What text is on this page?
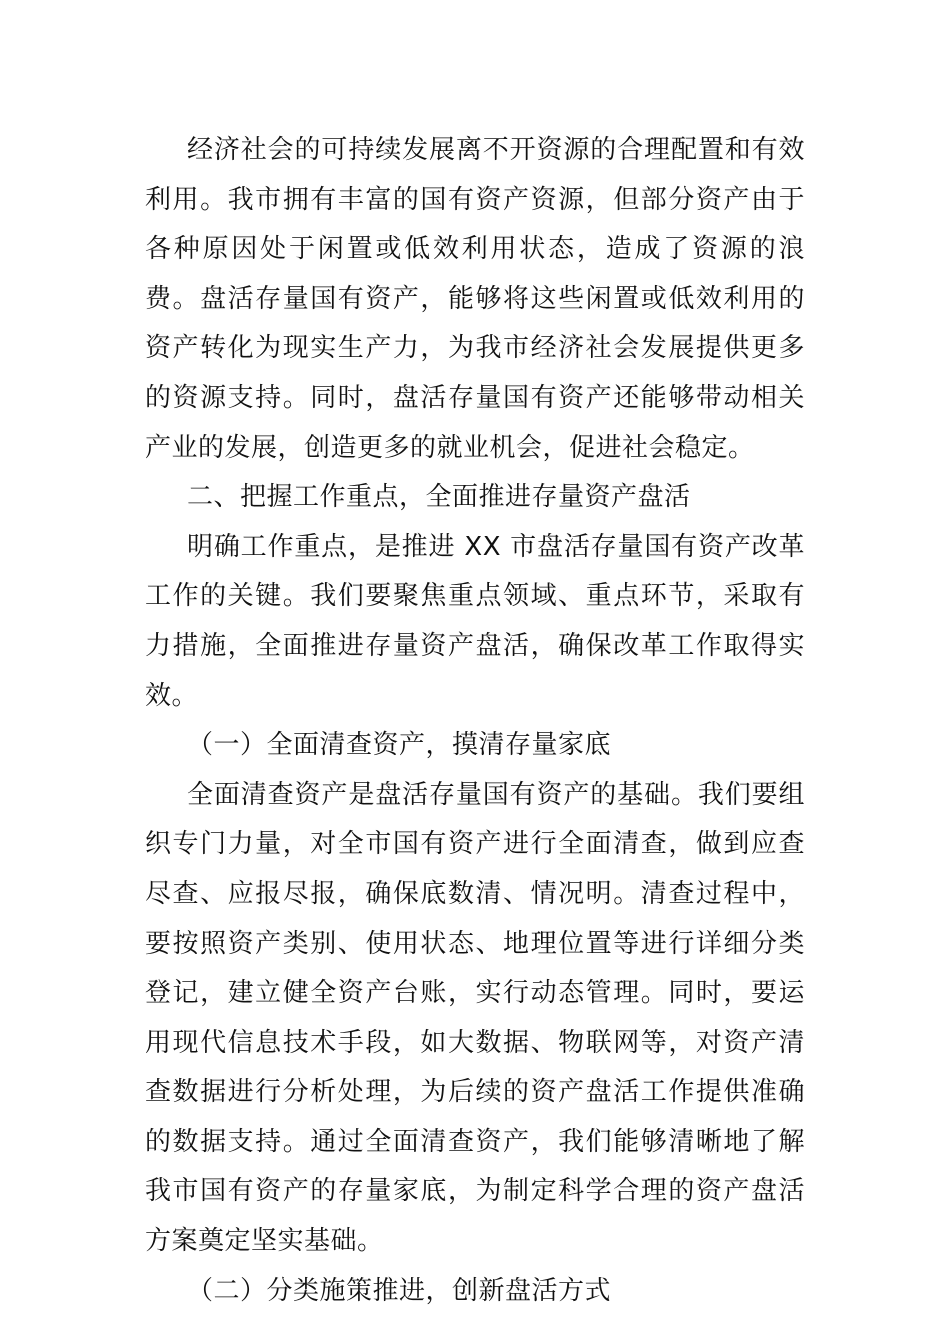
经济社会的可持续发展离不开资源的合理配置和有效利用。我市拥有丰富的国有资产资源，但部分资产由于各种原因处于闲置或低效利用状态，造成了资源的浪费。盘活存量国有资产，能够将这些闲置或低效利用的资产转化为现实生产力，为我市经济社会发展提供更多的资源支持。同时，盘活存量国有资产还能够带动相关产业的发展，创造更多的就业机会，促进社会稳定。

二、把握工作重点，全面推进存量资产盘活

明确工作重点，是推进 XX 市盘活存量国有资产改革工作的关键。我们要聚焦重点领域、重点环节，采取有力措施，全面推进存量资产盘活，确保改革工作取得实效。

（一）全面清查资产，摸清存量家底

全面清查资产是盘活存量国有资产的基础。我们要组织专门力量，对全市国有资产进行全面清查，做到应查尽查、应报尽报，确保底数清、情况明。清查过程中，要按照资产类别、使用状态、地理位置等进行详细分类登记，建立健全资产台账，实行动态管理。同时，要运用现代信息技术手段，如大数据、物联网等，对资产清查数据进行分析处理，为后续的资产盘活工作提供准确的数据支持。通过全面清查资产，我们能够清晰地了解我市国有资产的存量家底，为制定科学合理的资产盘活方案奠定坚实基础。

（二）分类施策推进，创新盘活方式
